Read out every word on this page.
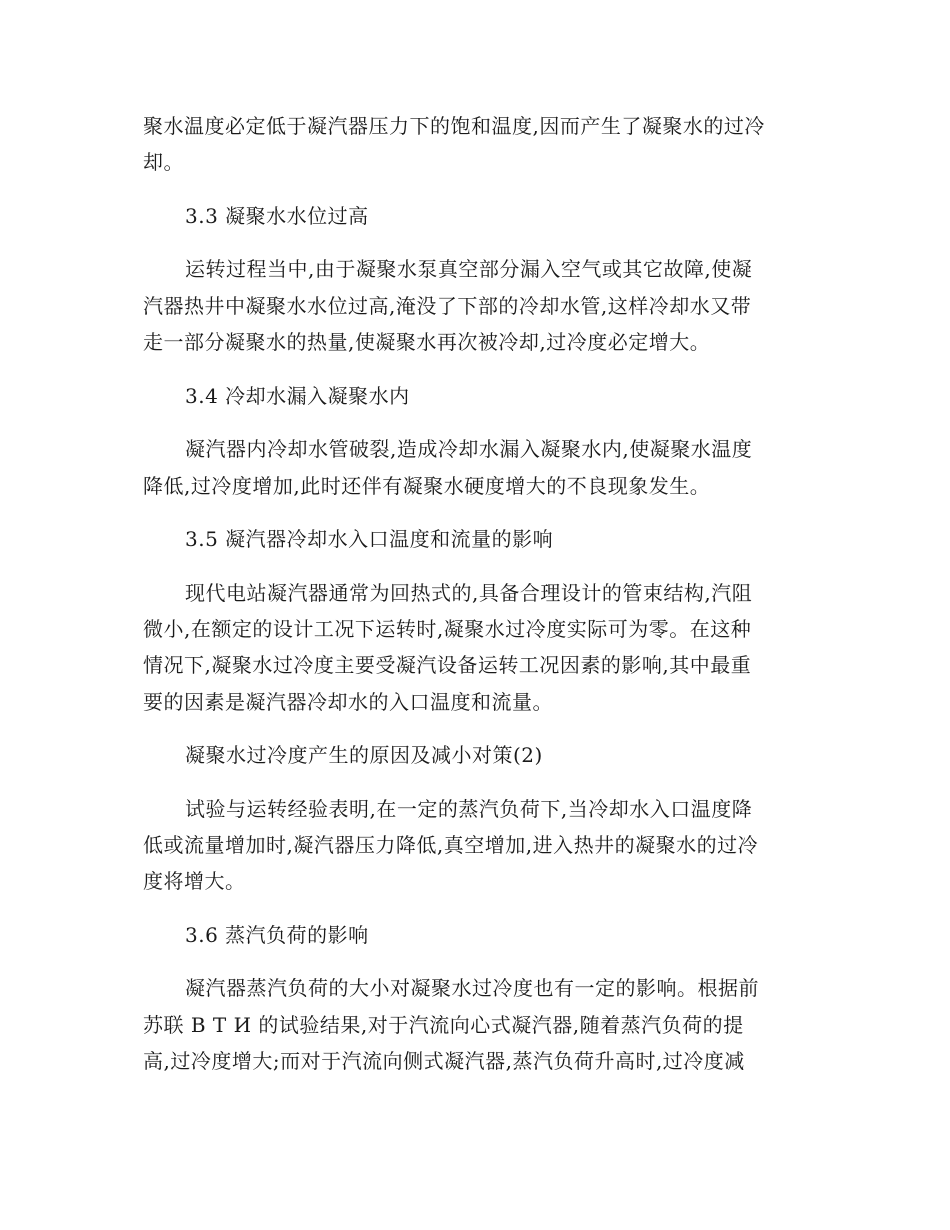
聚水温度必定低于凝汽器压力下的饱和温度,因而产生了凝聚水的过冷
却。
3.3 凝聚水水位过高
运转过程当中,由于凝聚水泵真空部分漏入空气或其它故障,使凝
汽器热井中凝聚水水位过高,淹没了下部的冷却水管,这样冷却水又带
走一部分凝聚水的热量,使凝聚水再次被冷却,过冷度必定增大。
3.4 冷却水漏入凝聚水内
凝汽器内冷却水管破裂,造成冷却水漏入凝聚水内,使凝聚水温度
降低,过冷度增加,此时还伴有凝聚水硬度增大的不良现象发生。
3.5 凝汽器冷却水入口温度和流量的影响
现代电站凝汽器通常为回热式的,具备合理设计的管束结构,汽阻
微小,在额定的设计工况下运转时,凝聚水过冷度实际可为零。在这种
情况下,凝聚水过冷度主要受凝汽设备运转工况因素的影响,其中最重
要的因素是凝汽器冷却水的入口温度和流量。
凝聚水过冷度产生的原因及减小对策(2)
试验与运转经验表明,在一定的蒸汽负荷下,当冷却水入口温度降
低或流量增加时,凝汽器压力降低,真空增加,进入热井的凝聚水的过冷
度将增大。
3.6 蒸汽负荷的影响
凝汽器蒸汽负荷的大小对凝聚水过冷度也有一定的影响。根据前
苏联 В Т И 的试验结果,对于汽流向心式凝汽器,随着蒸汽负荷的提
高,过冷度增大;而对于汽流向侧式凝汽器,蒸汽负荷升高时,过冷度减
